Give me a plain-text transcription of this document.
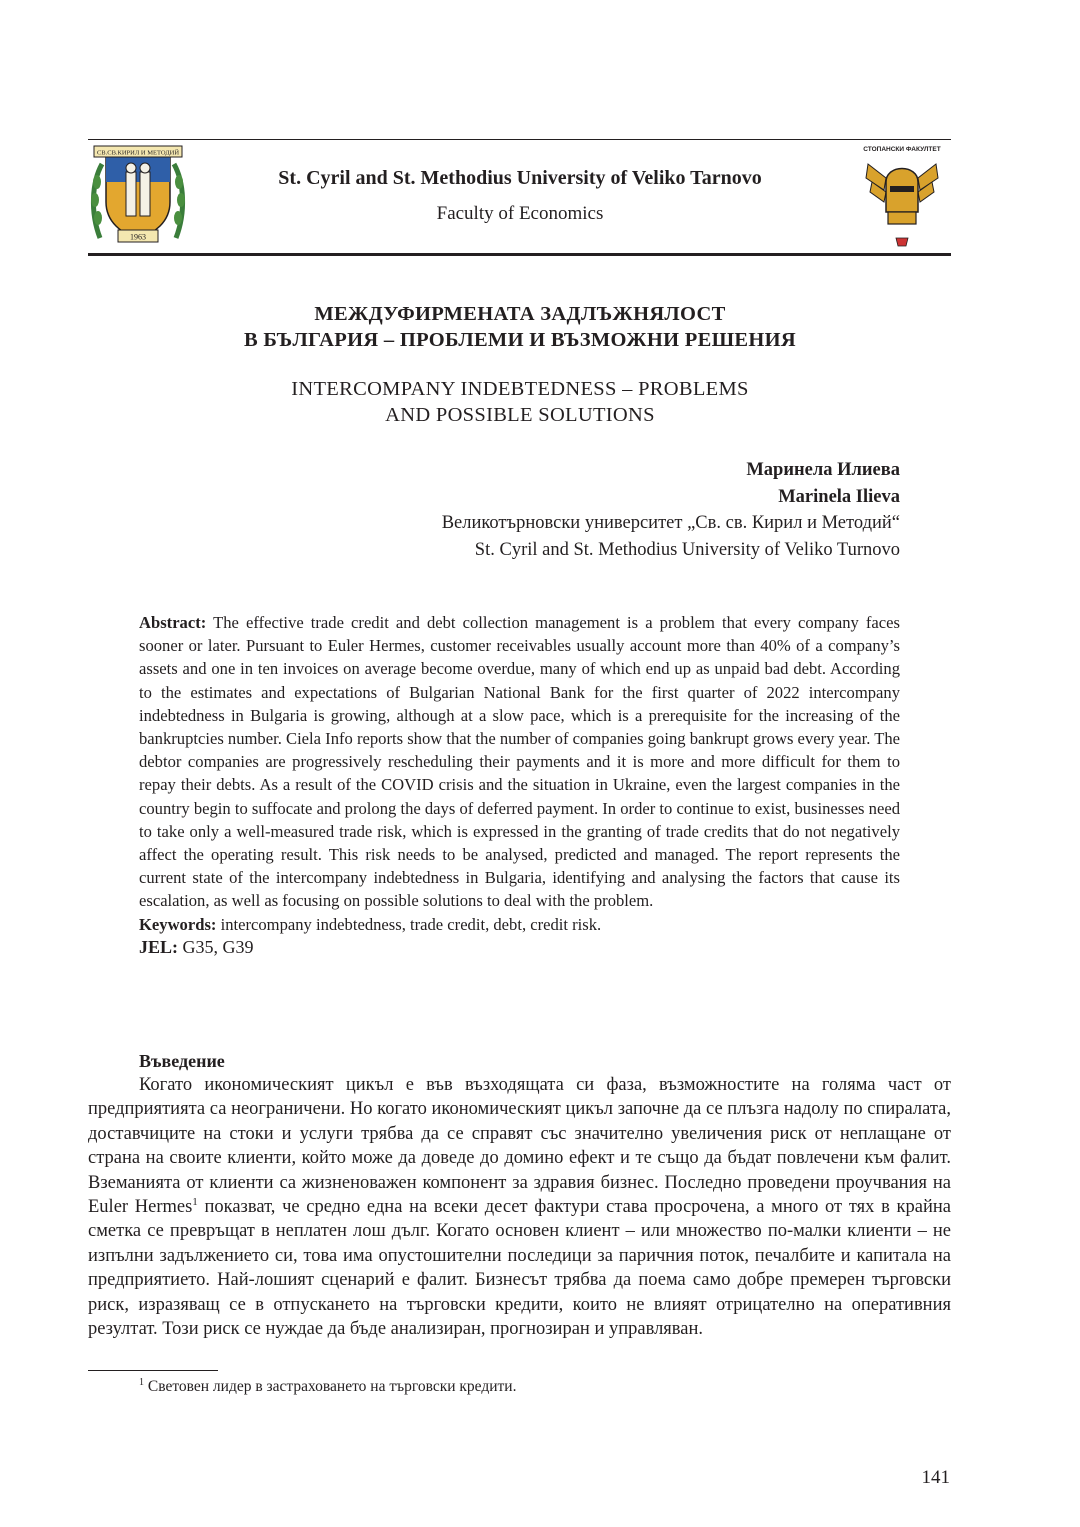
СВ.СВ.КИРИЛ И МЕТОДИЙ
1963
St. Cyril and St. Methodius University of Veliko Tarnovo
Faculty of Economics
СТОПАНСКИ ФАКУЛТЕТ
МЕЖДУФИРМЕНАТА ЗАДЛЪЖНЯЛОСТ
В БЪЛГАРИЯ – ПРОБЛЕМИ И ВЪЗМОЖНИ РЕШЕНИЯ
INTERCOMPANY INDEBTEDNESS – PROBLEMS
AND POSSIBLE SOLUTIONS
Маринела Илиева
Marinela Ilieva
Великотърновски университет „Св. св. Кирил и Методий“
St. Cyril and St. Methodius University of Veliko Turnovo

Abstract: The effective trade credit and debt collection management is a problem that every company faces sooner or later. Pursuant to Euler Hermes, customer receivables usually account more than 40% of a company’s assets and one in ten invoices on average become overdue, many of which end up as unpaid bad debt. According to the estimates and expectations of Bulgarian National Bank for the first quarter of 2022 intercompany indebtedness in Bulgaria is growing, although at a slow pace, which is a prerequisite for the increasing of the bankruptcies number. Ciela Info reports show that the number of companies going bankrupt grows every year. The debtor companies are progressively rescheduling their payments and it is more and more difficult for them to repay their debts. As a result of the COVID crisis and the situation in Ukraine, even the largest companies in the country begin to suffocate and prolong the days of deferred payment. In order to continue to exist, businesses need to take only a well-measured trade risk, which is expressed in the granting of trade credits that do not negatively affect the operating result. This risk needs to be analysed, predicted and managed. The report represents the current state of the intercompany indebtedness in Bulgaria, identifying and analysing the factors that cause its escalation, as well as focusing on possible solutions to deal with the problem.

Keywords: intercompany indebtedness, trade credit, debt, credit risk.

JEL: G35, G39

Въведение

Когато икономическият цикъл е във възходящата си фаза, възможностите на голяма част от предприятията са неограничени. Но когато икономическият цикъл започне да се плъзга надолу по спиралата, доставчиците на стоки и услуги трябва да се справят със значително увеличения риск от неплащане от страна на своите клиенти, който може да доведе до домино ефект и те също да бъдат повлечени към фалит. Вземанията от клиенти са жизненоважен компонент за здравия бизнес. Последно проведени проучвания на Euler Hermes$^1$ показват, че средно една на всеки десет фактури става просрочена, а много от тях в крайна сметка се превръщат в неплатен лош дълг. Когато основен клиент – или множество по-малки клиенти – не изпълни задължението си, това има опустошителни последици за паричния поток, печалбите и капитала на предприятието. Най-лошият сценарий е фалит. Бизнесът трябва да поема само добре премерен търговски риск, изразяващ се в отпускането на търговски кредити, които не влияят отрицателно на оперативния резултат. Този риск се нуждае да бъде анализиран, прогнозиран и управляван.

$^1$ Световен лидер в застраховането на търговски кредити.
141
